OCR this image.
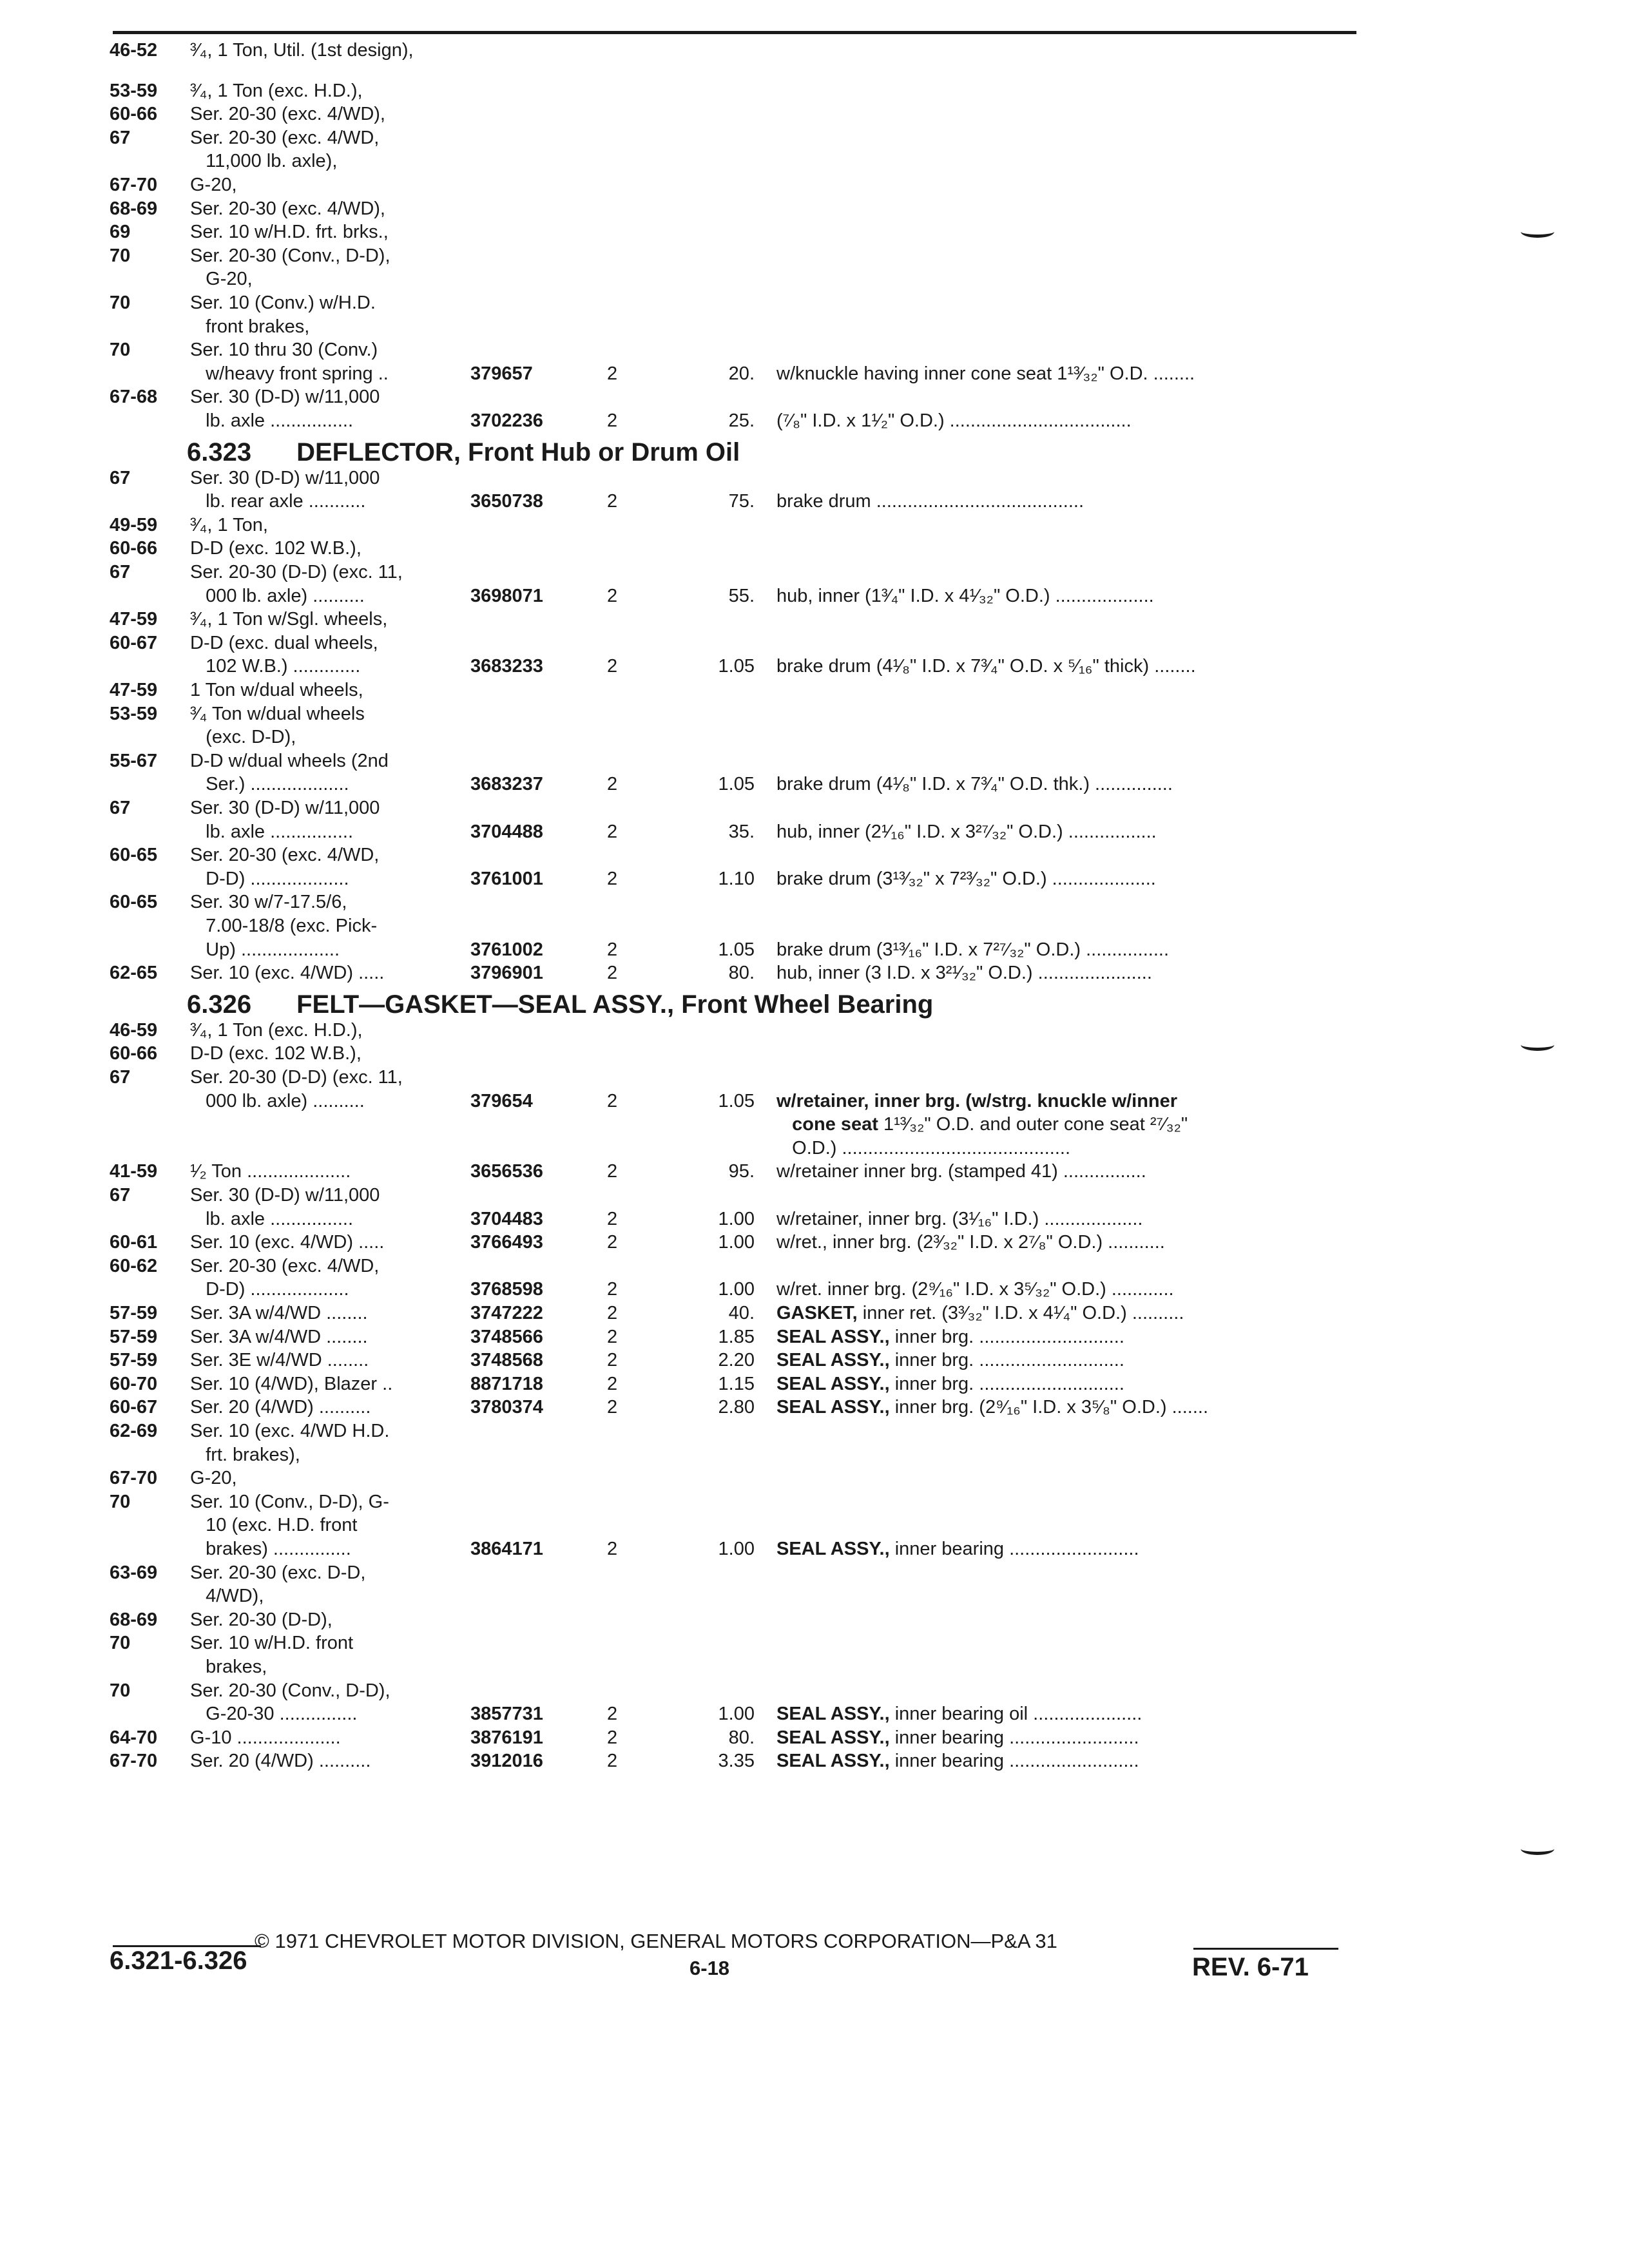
46-52 ³⁄₄, 1 Ton, Util. (1st design),
53-59 ³⁄₄, 1 Ton (exc. H.D.),
60-66 Ser. 20-30 (exc. 4/WD),
67	Ser. 20-30 (exc. 4/WD,
11,000 lb. axle),
67-70 G-20,
68-69 Ser. 20-30 (exc. 4/WD),
69	Ser. 10 w/H.D. frt. brks.,
70	Ser. 20-30 (Conv., D-D),
G-20,
70	Ser. 10 (Conv.) w/H.D.
front brakes,
70	Ser. 10 thru 30 (Conv.)
w/heavy front spring ..	379657	2	.20 w/knuckle having inner cone seat 1¹³⁄₃₂" O.D. ........
67-68 Ser. 30 (D-D) w/11,000
lb. axle ................	3702236	2	.25 (⁷⁄₈" I.D. x 1¹⁄₂" O.D.) ...................................
6.323 DEFLECTOR, Front Hub or Drum Oil
67	Ser. 30 (D-D) w/11,000
lb. rear axle ...........	3650738	2	.75 brake drum ........................................
49-59 ³⁄₄, 1 Ton,
60-66 D-D (exc. 102 W.B.),
67	Ser. 20-30 (D-D) (exc. 11,
000 lb. axle) ..........	3698071	2	.55 hub, inner (1³⁄₄" I.D. x 4¹⁄₃₂" O.D.) ...................
47-59 ³⁄₄, 1 Ton w/Sgl. wheels,
60-67 D-D (exc. dual wheels,
102 W.B.) .............	3683233	2	1.05 brake drum (4¹⁄₈" I.D. x 7³⁄₄" O.D. x ⁵⁄₁₆" thick) ........
47-59 1 Ton w/dual wheels,
53-59 ³⁄₄ Ton w/dual wheels
(exc. D-D),
55-67 D-D w/dual wheels (2nd
Ser.) ...................	3683237	2	1.05 brake drum (4¹⁄₈" I.D. x 7³⁄₄" O.D. thk.) ...............
67	Ser. 30 (D-D) w/11,000
lb. axle ................	3704488	2	.35 hub, inner (2¹⁄₁₆" I.D. x 3²⁷⁄₃₂" O.D.) .................
60-65 Ser. 20-30 (exc. 4/WD,
D-D) ...................	3761001	2	1.10 brake drum (3¹³⁄₃₂" x 7²³⁄₃₂" O.D.) ....................
60-65 Ser. 30 w/7-17.5/6,
7.00-18/8 (exc. Pick-
Up) ...................	3761002	2	1.05 brake drum (3¹³⁄₁₆" I.D. x 7²⁷⁄₃₂" O.D.) ................
62-65 Ser. 10 (exc. 4/WD) .....	3796901	2	.80 hub, inner (3 I.D. x 3²¹⁄₃₂" O.D.) ......................
6.326 FELT—GASKET—SEAL ASSY., Front Wheel Bearing
46-59 ³⁄₄, 1 Ton (exc. H.D.),
60-66 D-D (exc. 102 W.B.),
67	Ser. 20-30 (D-D) (exc. 11,
000 lb. axle) ..........	379654	2	1.05 w/retainer, inner brg. (w/strg. knuckle w/inner
cone seat 1¹³⁄₃₂" O.D. and outer cone seat ²⁷⁄₃₂"
O.D.) ............................................
41-59 ¹⁄₂ Ton ....................	3656536	2	.95 w/retainer inner brg. (stamped 41) ................
67	Ser. 30 (D-D) w/11,000
lb. axle ................	3704483	2	1.00 w/retainer, inner brg. (3¹⁄₁₆" I.D.) ...................
60-61 Ser. 10 (exc. 4/WD) .....	3766493	2	1.00 w/ret., inner brg. (2³⁄₃₂" I.D. x 2⁷⁄₈" O.D.) ...........
60-62 Ser. 20-30 (exc. 4/WD,
D-D) ...................	3768598	2	1.00 w/ret. inner brg. (2⁹⁄₁₆" I.D. x 3⁵⁄₃₂" O.D.) ............
57-59 Ser. 3A w/4/WD ........	3747222	2	.40 GASKET, inner ret. (3³⁄₃₂" I.D. x 4¹⁄₄" O.D.) ..........
57-59 Ser. 3A w/4/WD ........	3748566	2	1.85 SEAL ASSY., inner brg. ............................
57-59 Ser. 3E w/4/WD ........	3748568	2	2.20 SEAL ASSY., inner brg. ............................
60-70 Ser. 10 (4/WD), Blazer ..	8871718	2	1.15 SEAL ASSY., inner brg. ............................
60-67 Ser. 20 (4/WD) ..........	3780374	2	2.80 SEAL ASSY., inner brg. (2⁹⁄₁₆" I.D. x 3⁵⁄₈" O.D.) .......
62-69 Ser. 10 (exc. 4/WD H.D.
frt. brakes),
67-70 G-20,
70	Ser. 10 (Conv., D-D), G-
10 (exc. H.D. front
brakes) ...............	3864171	2	1.00 SEAL ASSY., inner bearing .........................
63-69 Ser. 20-30 (exc. D-D,
4/WD),
68-69 Ser. 20-30 (D-D),
70	Ser. 10 w/H.D. front
brakes,
70	Ser. 20-30 (Conv., D-D),
G-20-30 ...............	3857731	2	1.00 SEAL ASSY., inner bearing oil .....................
64-70 G-10 ....................	3876191	2	.80 SEAL ASSY., inner bearing .........................
67-70 Ser. 20 (4/WD) ..........	3912016	2	3.35 SEAL ASSY., inner bearing .........................
© 1971 CHEVROLET MOTOR DIVISION, GENERAL MOTORS CORPORATION—P&A 31
6.321-6.326	6-18	REV. 6-71
